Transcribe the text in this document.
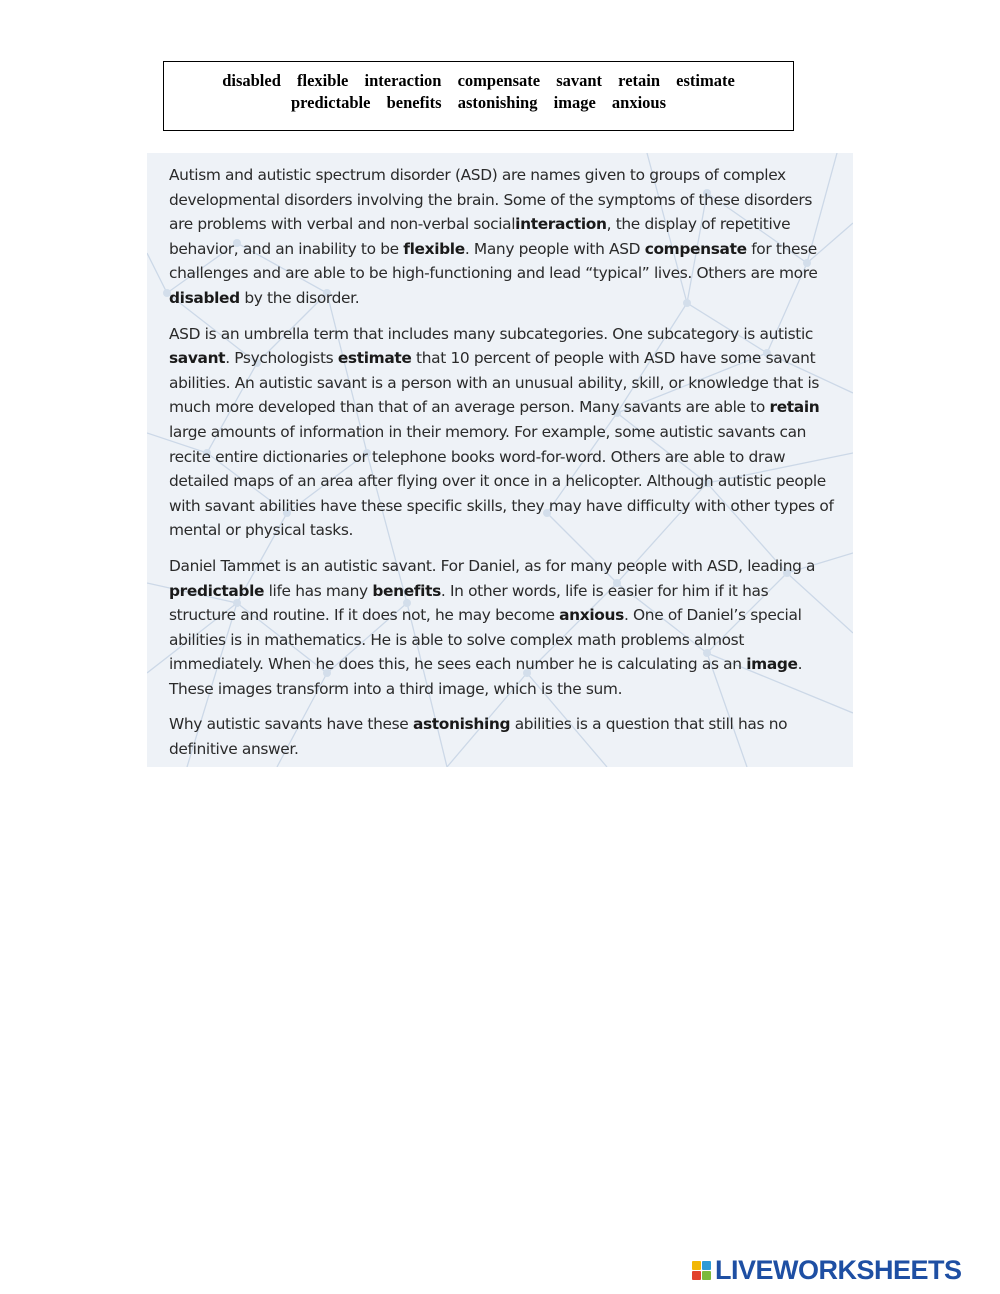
disabled flexible interaction compensate savant retain estimate
predictable benefits astonishing image anxious

Autism and autistic spectrum disorder (ASD) are names given to groups of complex developmental disorders involving the brain. Some of the symptoms of these disorders are problems with verbal and non-verbal socialinteraction, the display of repetitive behavior, and an inability to be flexible. Many people with ASD compensate for these challenges and are able to be high-functioning and lead “typical” lives. Others are more disabled by the disorder.

ASD is an umbrella term that includes many subcategories. One subcategory is autistic savant. Psychologists estimate that 10 percent of people with ASD have some savant abilities. An autistic savant is a person with an unusual ability, skill, or knowledge that is much more developed than that of an average person. Many savants are able to retain large amounts of information in their memory. For example, some autistic savants can recite entire dictionaries or telephone books word-for-word. Others are able to draw detailed maps of an area after flying over it once in a helicopter. Although autistic people with savant abilities have these specific skills, they may have difficulty with other types of mental or physical tasks.

Daniel Tammet is an autistic savant. For Daniel, as for many people with ASD, leading a predictable life has many benefits. In other words, life is easier for him if it has structure and routine. If it does not, he may become anxious. One of Daniel’s special abilities is in mathematics. He is able to solve complex math problems almost immediately. When he does this, he sees each number he is calculating as an image. These images transform into a third image, which is the sum.

Why autistic savants have these astonishing abilities is a question that still has no definitive answer.

LIVEWORKSHEETS
